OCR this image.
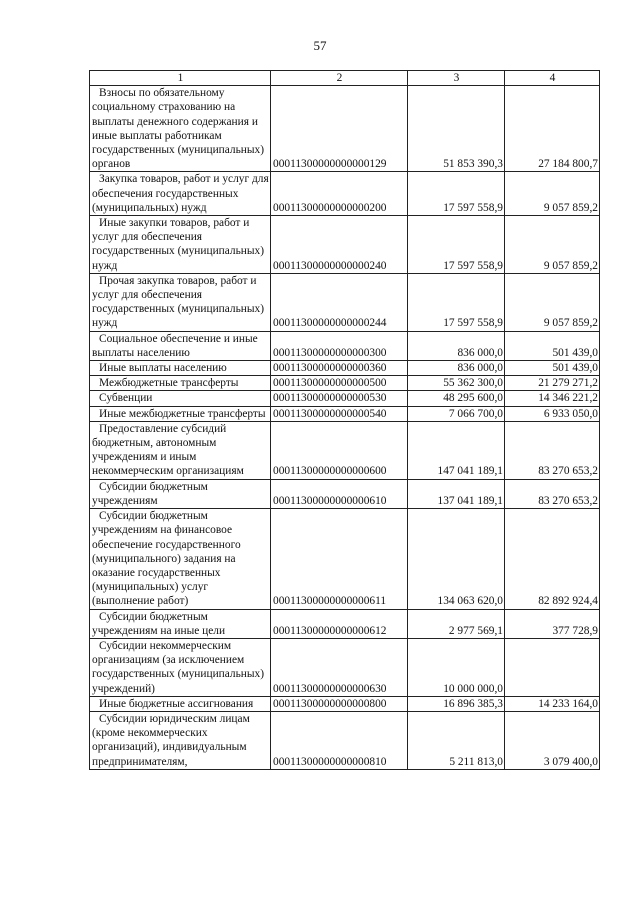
57
1	2	3	4
Взносы по обязательному социальному страхованию на выплаты денежного содержания и иные выплаты работникам государственных (муниципальных) органов	00011300000000000129	51 853 390,3	27 184 800,7
Закупка товаров, работ и услуг для обеспечения государственных (муниципальных) нужд	00011300000000000200	17 597 558,9	9 057 859,2
Иные закупки товаров, работ и услуг для обеспечения государственных (муниципальных) нужд	00011300000000000240	17 597 558,9	9 057 859,2
Прочая закупка товаров, работ и услуг для обеспечения государственных (муниципальных) нужд	00011300000000000244	17 597 558,9	9 057 859,2
Социальное обеспечение и иные выплаты населению	00011300000000000300	836 000,0	501 439,0
Иные выплаты населению	00011300000000000360	836 000,0	501 439,0
Межбюджетные трансферты	00011300000000000500	55 362 300,0	21 279 271,2
Субвенции	00011300000000000530	48 295 600,0	14 346 221,2
Иные межбюджетные трансферты	00011300000000000540	7 066 700,0	6 933 050,0
Предоставление субсидий бюджетным, автономным учреждениям и иным некоммерческим организациям	00011300000000000600	147 041 189,1	83 270 653,2
Субсидии бюджетным учреждениям	00011300000000000610	137 041 189,1	83 270 653,2
Субсидии бюджетным учреждениям на финансовое обеспечение государственного (муниципального) задания на оказание государственных (муниципальных) услуг (выполнение работ)	00011300000000000611	134 063 620,0	82 892 924,4
Субсидии бюджетным учреждениям на иные цели	00011300000000000612	2 977 569,1	377 728,9
Субсидии некоммерческим организациям (за исключением государственных (муниципальных) учреждений)	00011300000000000630	10 000 000,0	
Иные бюджетные ассигнования	00011300000000000800	16 896 385,3	14 233 164,0
Субсидии юридическим лицам (кроме некоммерческих организаций), индивидуальным предпринимателям,	00011300000000000810	5 211 813,0	3 079 400,0
